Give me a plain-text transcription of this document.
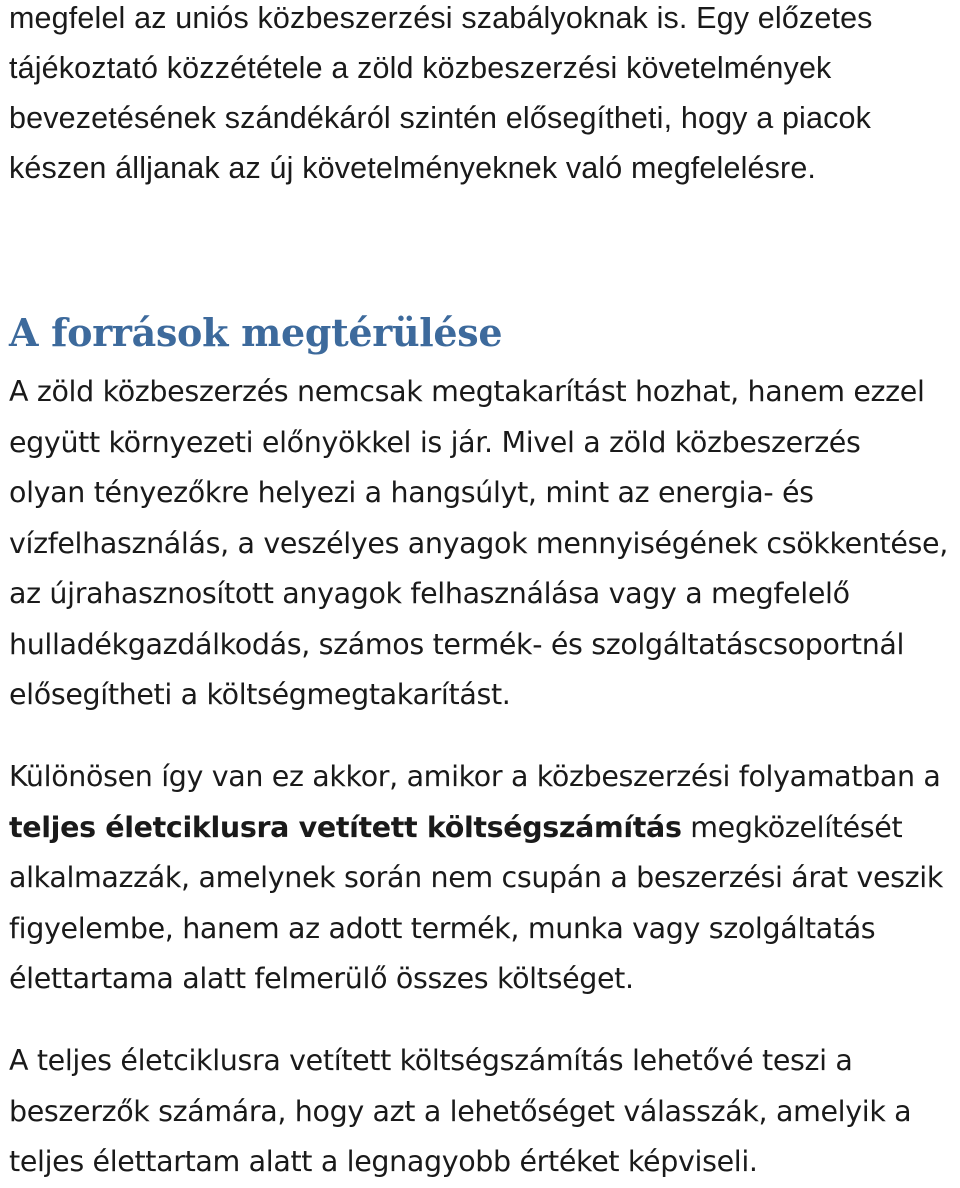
megfelel az uniós közbeszerzési szabályoknak is. Egy előzetes
tájékoztató közzététele a zöld közbeszerzési követelmények
bevezetésének szándékáról szintén elősegítheti, hogy a piacok
készen álljanak az új követelményeknek való megfelelésre.
A források megtérülése
A zöld közbeszerzés nemcsak megtakarítást hozhat, hanem ezzel
együtt környezeti előnyökkel is jár. Mivel a zöld közbeszerzés
olyan tényezőkre helyezi a hangsúlyt, mint az energia- és
vízfelhasználás, a veszélyes anyagok mennyiségének csökkentése,
az újrahasznosított anyagok felhasználása vagy a megfelelő
hulladékgazdálkodás, számos termék- és szolgáltatáscsoportnál
elősegítheti a költségmegtakarítást.
Különösen így van ez akkor, amikor a közbeszerzési folyamatban a
teljes életciklusra vetített költségszámítás megközelítését
alkalmazzák, amelynek során nem csupán a beszerzési árat veszik
figyelembe, hanem az adott termék, munka vagy szolgáltatás
élettartama alatt felmerülő összes költséget.
A teljes életciklusra vetített költségszámítás lehetővé teszi a
beszerzők számára, hogy azt a lehetőséget válasszák, amelyik a
teljes élettartam alatt a legnagyobb értéket képviseli.
